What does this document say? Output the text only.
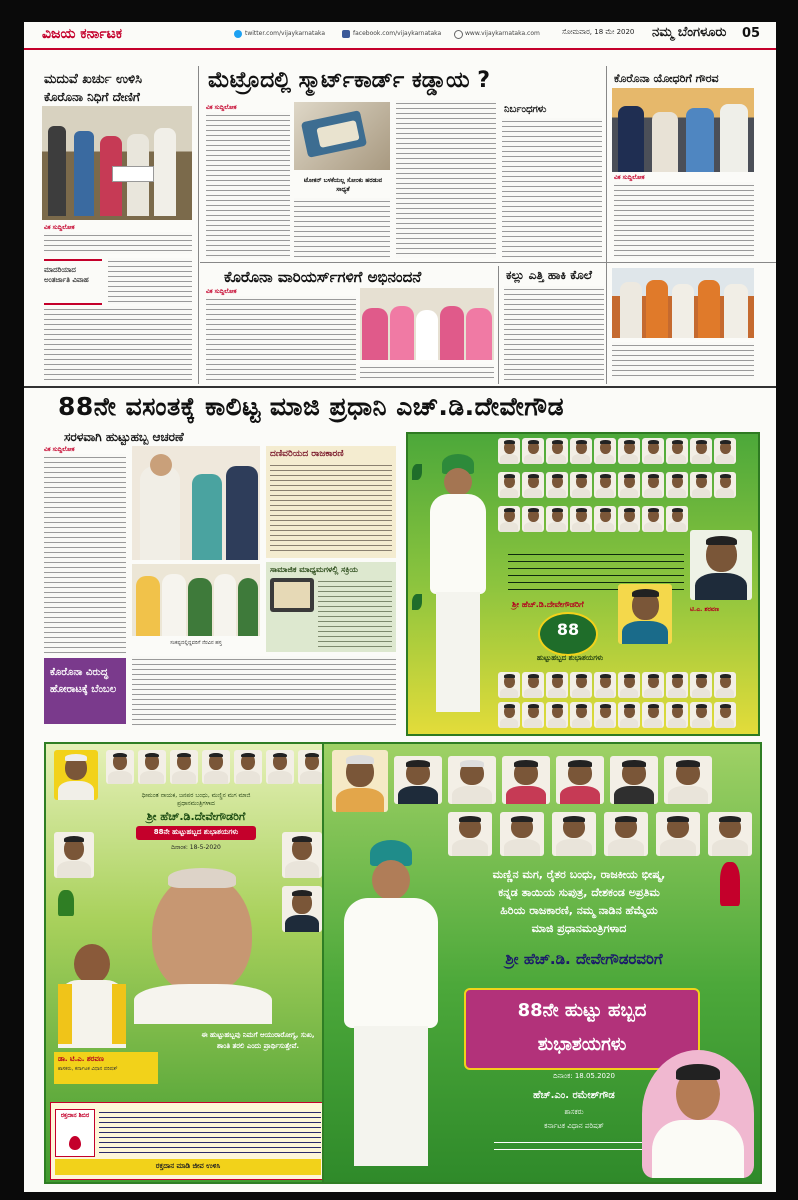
ವಿಜಯ ಕರ್ನಾಟಕ	twitter.com/vijaykarnataka	facebook.com/vijaykarnataka	www.vijaykarnataka.com	ಸೋಮವಾರ, 18 ಮೇ 2020 ನಮ್ಮ ಬೆಂಗಳೂರು 05
ಮದುವೆ ಖರ್ಚು ಉಳಿಸಿ
ಕೊರೊನಾ ನಿಧಿಗೆ ದೇಣಿಗೆ
ವಿಕ ಸುದ್ದಿಲೋಕ
ಮಾದರಿಯಾದ ಅಂತರ್ಜಾತಿ ವಿವಾಹ
ಮೆಟ್ರೊದಲ್ಲಿ ಸ್ಮಾರ್ಟ್‌ಕಾರ್ಡ್ ಕಡ್ಡಾಯ ?
ವಿಕ ಸುದ್ದಿಲೋಕ
ಟೋಕನ್ ಬಳಕೆಯಲ್ಲ ಸೋಂಕು ಹರಡುವ ಸಾಧ್ಯತೆ
ನಿರ್ಬಂಧಗಳು
ಕೊರೊನಾ ಯೋಧರಿಗೆ ಗೌರವ
ವಿಕ ಸುದ್ದಿಲೋಕ
ಕೊರೊನಾ ವಾರಿಯರ್ಸ್‌ಗಳಿಗೆ ಅಭಿನಂದನೆ
ವಿಕ ಸುದ್ದಿಲೋಕ
ಕಲ್ಲು ಎತ್ತಿ ಹಾಕಿ ಕೊಲೆ
88ನೇ ವಸಂತಕ್ಕೆ ಕಾಲಿಟ್ಟ ಮಾಜಿ ಪ್ರಧಾನಿ ಎಚ್.ಡಿ.ದೇವೇಗೌಡ
ಸರಳವಾಗಿ ಹುಟ್ಟುಹಬ್ಬ ಆಚರಣೆ
ವಿಕ ಸುದ್ದಿಲೋಕ
ಸಂಕಷ್ಟದಲ್ಲಿದ್ದವರಿಗೆ ನೆರವಿನ ಹಸ್ತ
ದಣಿವರಿಯದ ರಾಜಕಾರಣಿ
ಸಾಮಾಜಿಕ ಮಾಧ್ಯಮಗಳಲ್ಲಿ ಸಕ್ರಿಯ
ಕೊರೊನಾ ವಿರುದ್ಧ ಹೋರಾಟಕ್ಕೆ ಬೆಂಬಲ
ಶ್ರೀ ಹೆಚ್.ಡಿ.ದೇವೇಗೌಡರಿಗೆ
88
ಹುಟ್ಟುಹಬ್ಬದ ಶುಭಾಶಯಗಳು
ಟಿ.ಎ. ಶರವಣ
ಧೀಮಂತ ನಾಯಕ, ಜನಪರ ಬಂಧು, ಮಣ್ಣಿನ ಮಗ ಮಾಜಿ ಪ್ರಧಾನಮಂತ್ರಿಗಳಾದ
ಶ್ರೀ ಹೆಚ್.ಡಿ.ದೇವೇಗೌಡರಿಗೆ
88ನೇ ಹುಟ್ಟುಹಬ್ಬದ ಶುಭಾಶಯಗಳು
ದಿನಾಂಕ: 18-5-2020
ಈ ಹುಟ್ಟುಹಬ್ಬವು ನಿಮಗೆ ಆಯುರಾರೋಗ್ಯ, ಸುಖ, ಶಾಂತಿ ತರಲಿ ಎಂದು ಪ್ರಾರ್ಥಿಸುತ್ತೇವೆ.
ಡಾ. ಟಿ.ಎ. ಶರವಣ
ಶಾಸಕರು, ಕರ್ನಾಟಕ ವಿಧಾನ ಪರಿಷತ್
ರಕ್ತದಾನ ಶಿಬಿರ
ರಕ್ತದಾನ ಮಾಡಿ ಜೀವ ಉಳಿಸಿ
ಮಣ್ಣಿನ ಮಗ, ರೈತರ ಬಂಧು, ರಾಜಕೀಯ ಭೀಷ್ಮ,
ಕನ್ನಡ ತಾಯಿಯ ಸುಪುತ್ರ, ದೇಶಕಂಡ ಅಪ್ರತಿಮ
ಹಿರಿಯ ರಾಜಕಾರಣಿ, ನಮ್ಮ ನಾಡಿನ ಹೆಮ್ಮೆಯ
ಮಾಜಿ ಪ್ರಧಾನಮಂತ್ರಿಗಳಾದ
ಶ್ರೀ ಹೆಚ್.ಡಿ. ದೇವೇಗೌಡರವರಿಗೆ
88ನೇ ಹುಟ್ಟು ಹಬ್ಬದ
ಶುಭಾಶಯಗಳು
ದಿನಾಂಕ: 18.05.2020
ಹೆಚ್.ಎಂ. ರಮೇಶ್‌ಗೌಡ
ಶಾಸಕರು
ಕರ್ನಾಟಕ ವಿಧಾನ ಪರಿಷತ್
